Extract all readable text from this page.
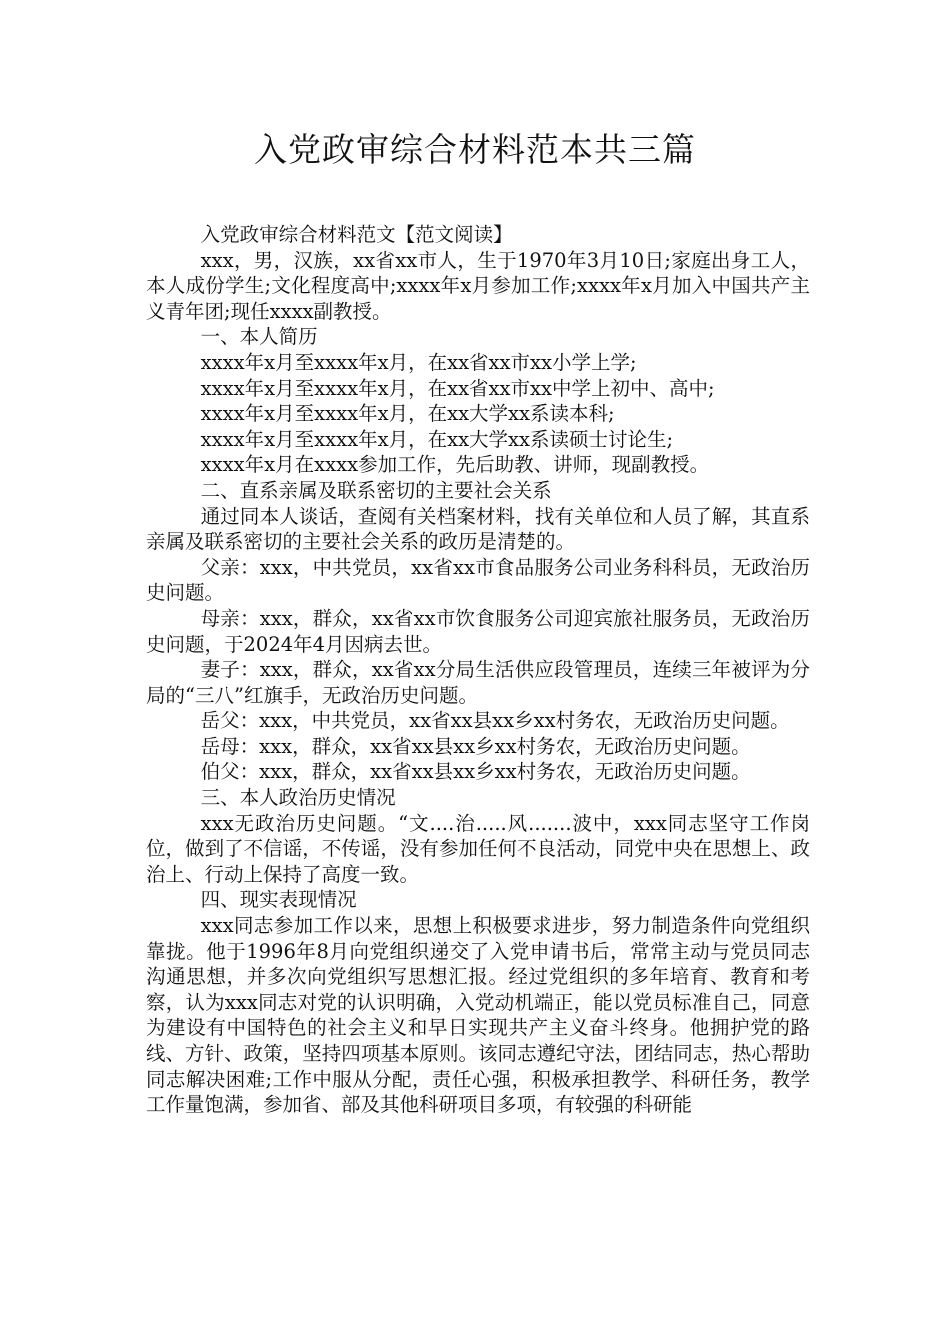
入党政审综合材料范本共三篇

入党政审综合材料范文【范文阅读】

xxx，男，汉族，xx省xx市人，生于1970年3月10日;家庭出身工人，本人成份学生;文化程度高中;xxxx年x月参加工作;xxxx年x月加入中国共产主义青年团;现任xxxx副教授。

一、本人简历

xxxx年x月至xxxx年x月，在xx省xx市xx小学上学;

xxxx年x月至xxxx年x月，在xx省xx市xx中学上初中、高中;

xxxx年x月至xxxx年x月，在xx大学xx系读本科;

xxxx年x月至xxxx年x月，在xx大学xx系读硕士讨论生;

xxxx年x月在xxxx参加工作，先后助教、讲师，现副教授。

二、直系亲属及联系密切的主要社会关系

通过同本人谈话，查阅有关档案材料，找有关单位和人员了解，其直系亲属及联系密切的主要社会关系的政历是清楚的。

父亲：xxx，中共党员，xx省xx市食品服务公司业务科科员，无政治历史问题。

母亲：xxx，群众，xx省xx市饮食服务公司迎宾旅社服务员，无政治历史问题，于2024年4月因病去世。

妻子：xxx，群众，xx省xx分局生活供应段管理员，连续三年被评为分局的“三八”红旗手，无政治历史问题。

岳父：xxx，中共党员，xx省xx县xx乡xx村务农，无政治历史问题。

岳母：xxx，群众，xx省xx县xx乡xx村务农，无政治历史问题。

伯父：xxx，群众，xx省xx县xx乡xx村务农，无政治历史问题。

三、本人政治历史情况

xxx无政治历史问题。“文....治.....风.......波中，xxx同志坚守工作岗位，做到了不信谣，不传谣，没有参加任何不良活动，同党中央在思想上、政治上、行动上保持了高度一致。

四、现实表现情况

xxx同志参加工作以来，思想上积极要求进步，努力制造条件向党组织靠拢。他于1996年8月向党组织递交了入党申请书后，常常主动与党员同志沟通思想，并多次向党组织写思想汇报。经过党组织的多年培育、教育和考察，认为xxx同志对党的认识明确，入党动机端正，能以党员标准自己，同意为建设有中国特色的社会主义和早日实现共产主义奋斗终身。他拥护党的路线、方针、政策，坚持四项基本原则。该同志遵纪守法，团结同志，热心帮助同志解决困难;工作中服从分配，责任心强，积极承担教学、科研任务，教学工作量饱满，参加省、部及其他科研项目多项，有较强的科研能
